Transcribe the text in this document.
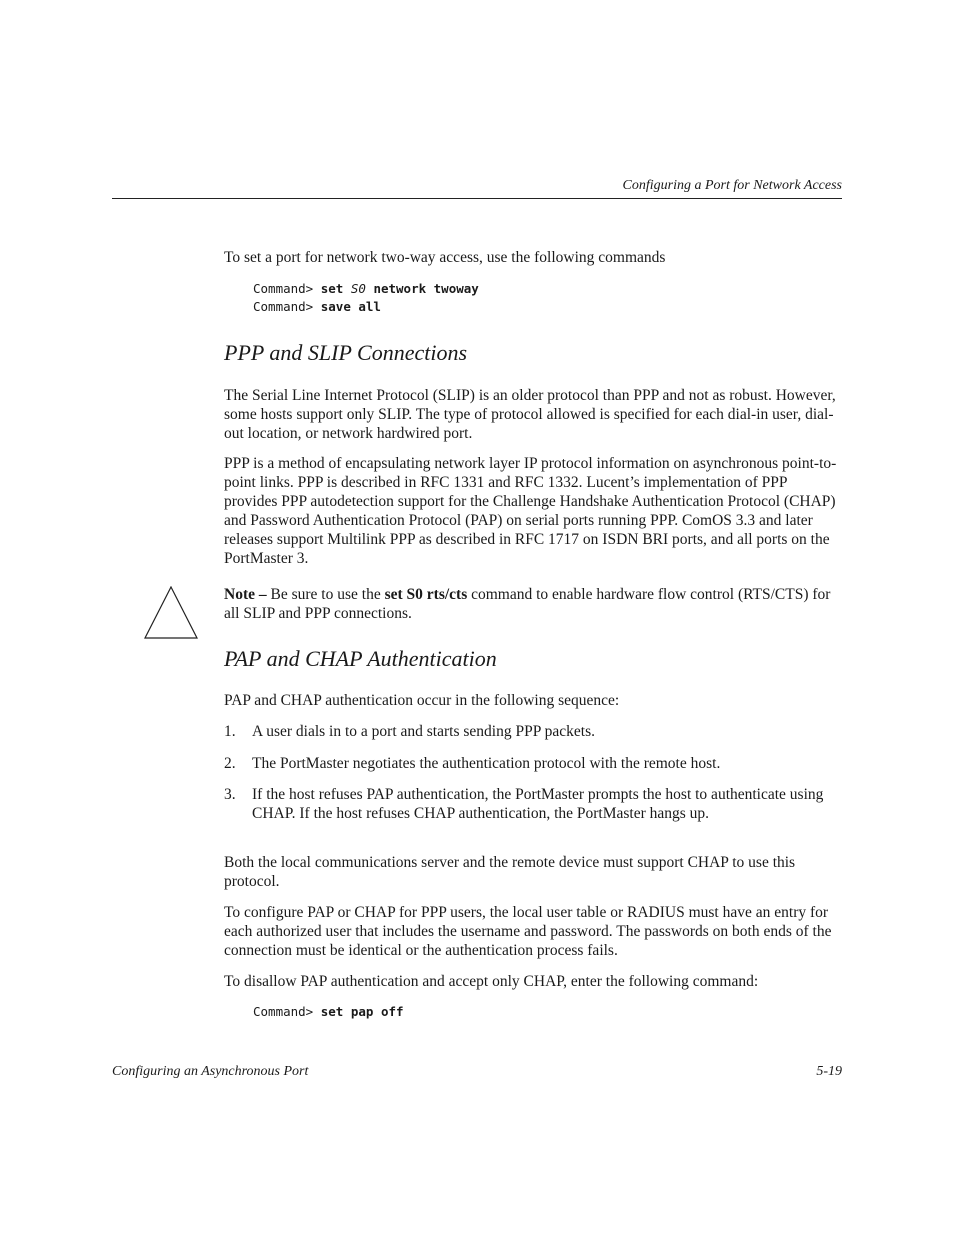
Configuring a Port for Network Access
To set a port for network two-way access, use the following commands
Command> set S0 network twoway
Command> save all
PPP and SLIP Connections
The Serial Line Internet Protocol (SLIP) is an older protocol than PPP and not as robust. However, some hosts support only SLIP. The type of protocol allowed is specified for each dial-in user, dial-out location, or network hardwired port.
PPP is a method of encapsulating network layer IP protocol information on asynchronous point-to-point links. PPP is described in RFC 1331 and RFC 1332. Lucent’s implementation of PPP provides PPP autodetection support for the Challenge Handshake Authentication Protocol (CHAP) and Password Authentication Protocol (PAP) on serial ports running PPP. ComOS 3.3 and later releases support Multilink PPP as described in RFC 1717 on ISDN BRI ports, and all ports on the PortMaster 3.
Note – Be sure to use the set S0 rts/cts command to enable hardware flow control (RTS/CTS) for all SLIP and PPP connections.
PAP and CHAP Authentication
PAP and CHAP authentication occur in the following sequence:
1. A user dials in to a port and starts sending PPP packets.
2. The PortMaster negotiates the authentication protocol with the remote host.
3. If the host refuses PAP authentication, the PortMaster prompts the host to authenticate using CHAP. If the host refuses CHAP authentication, the PortMaster hangs up.
Both the local communications server and the remote device must support CHAP to use this protocol.
To configure PAP or CHAP for PPP users, the local user table or RADIUS must have an entry for each authorized user that includes the username and password. The passwords on both ends of the connection must be identical or the authentication process fails.
To disallow PAP authentication and accept only CHAP, enter the following command:
Command> set pap off
Configuring an Asynchronous Port	5-19
